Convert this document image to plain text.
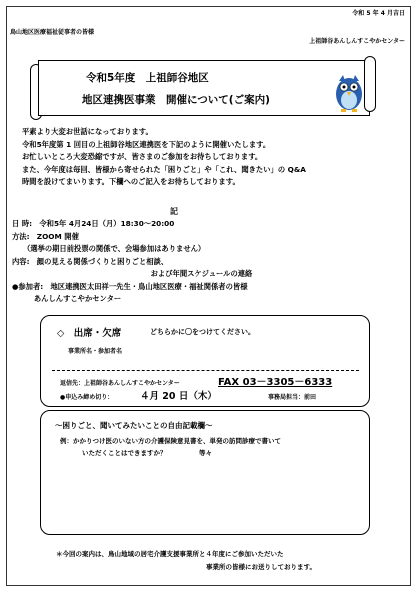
令和 5 年 4 月吉日
鳥山地区医療福祉従事者の皆様
上祖師谷あんしんすこやかセンター
令和5年度　上祖師谷地区
地区連携医事業　開催について(ご案内)
平素より大変お世話になっております。
令和5年度第 1 回目の上祖師谷地区連携医を下記のように開催いたします。
お忙しいところ大変恐縮ですが、皆さまのご参加をお待ちしております。
また、今年度は毎回、皆様から寄せられた「困りごと」や「これ、聞きたい」の Q&A
時間を設けてまいります。下欄へのご記入をお待ちしております。
記
日 時:　令和5年 4月24日（月）18:30～20:00
方法:　ZOOM 開催
　　（選挙の期日前投票の関係で、会場参加はありません）
内容:　顔の見える関係づくりと困りごと相談、
　　　　　　　　　　　　　　　　　　　および年間スケジュールの連絡
●参加者:　地区連携医太田祥一先生・鳥山地区医療・福祉関係者の皆様
　　　あんしんすこやかセンター
◇　出席・欠席	どちらかに〇をつけてください。
事業所名・参加者名
返信先：上祖師谷あんしんすこやかセンター	FAX 03－3305－6333
●申込み締め切り：	４月 20 日（木）	事務局担当：前田
～困りごと、聞いてみたいことの自由記載欄～
例：かかりつけ医のいない方の介護保険意見書を、単発の訪問診療で書いて
いただくことはできますか？　　　　　等々
＊今回の案内は、鳥山地域の居宅介護支援事業所と４年度にご参加いただいた
事業所の皆様にお送りしております。
